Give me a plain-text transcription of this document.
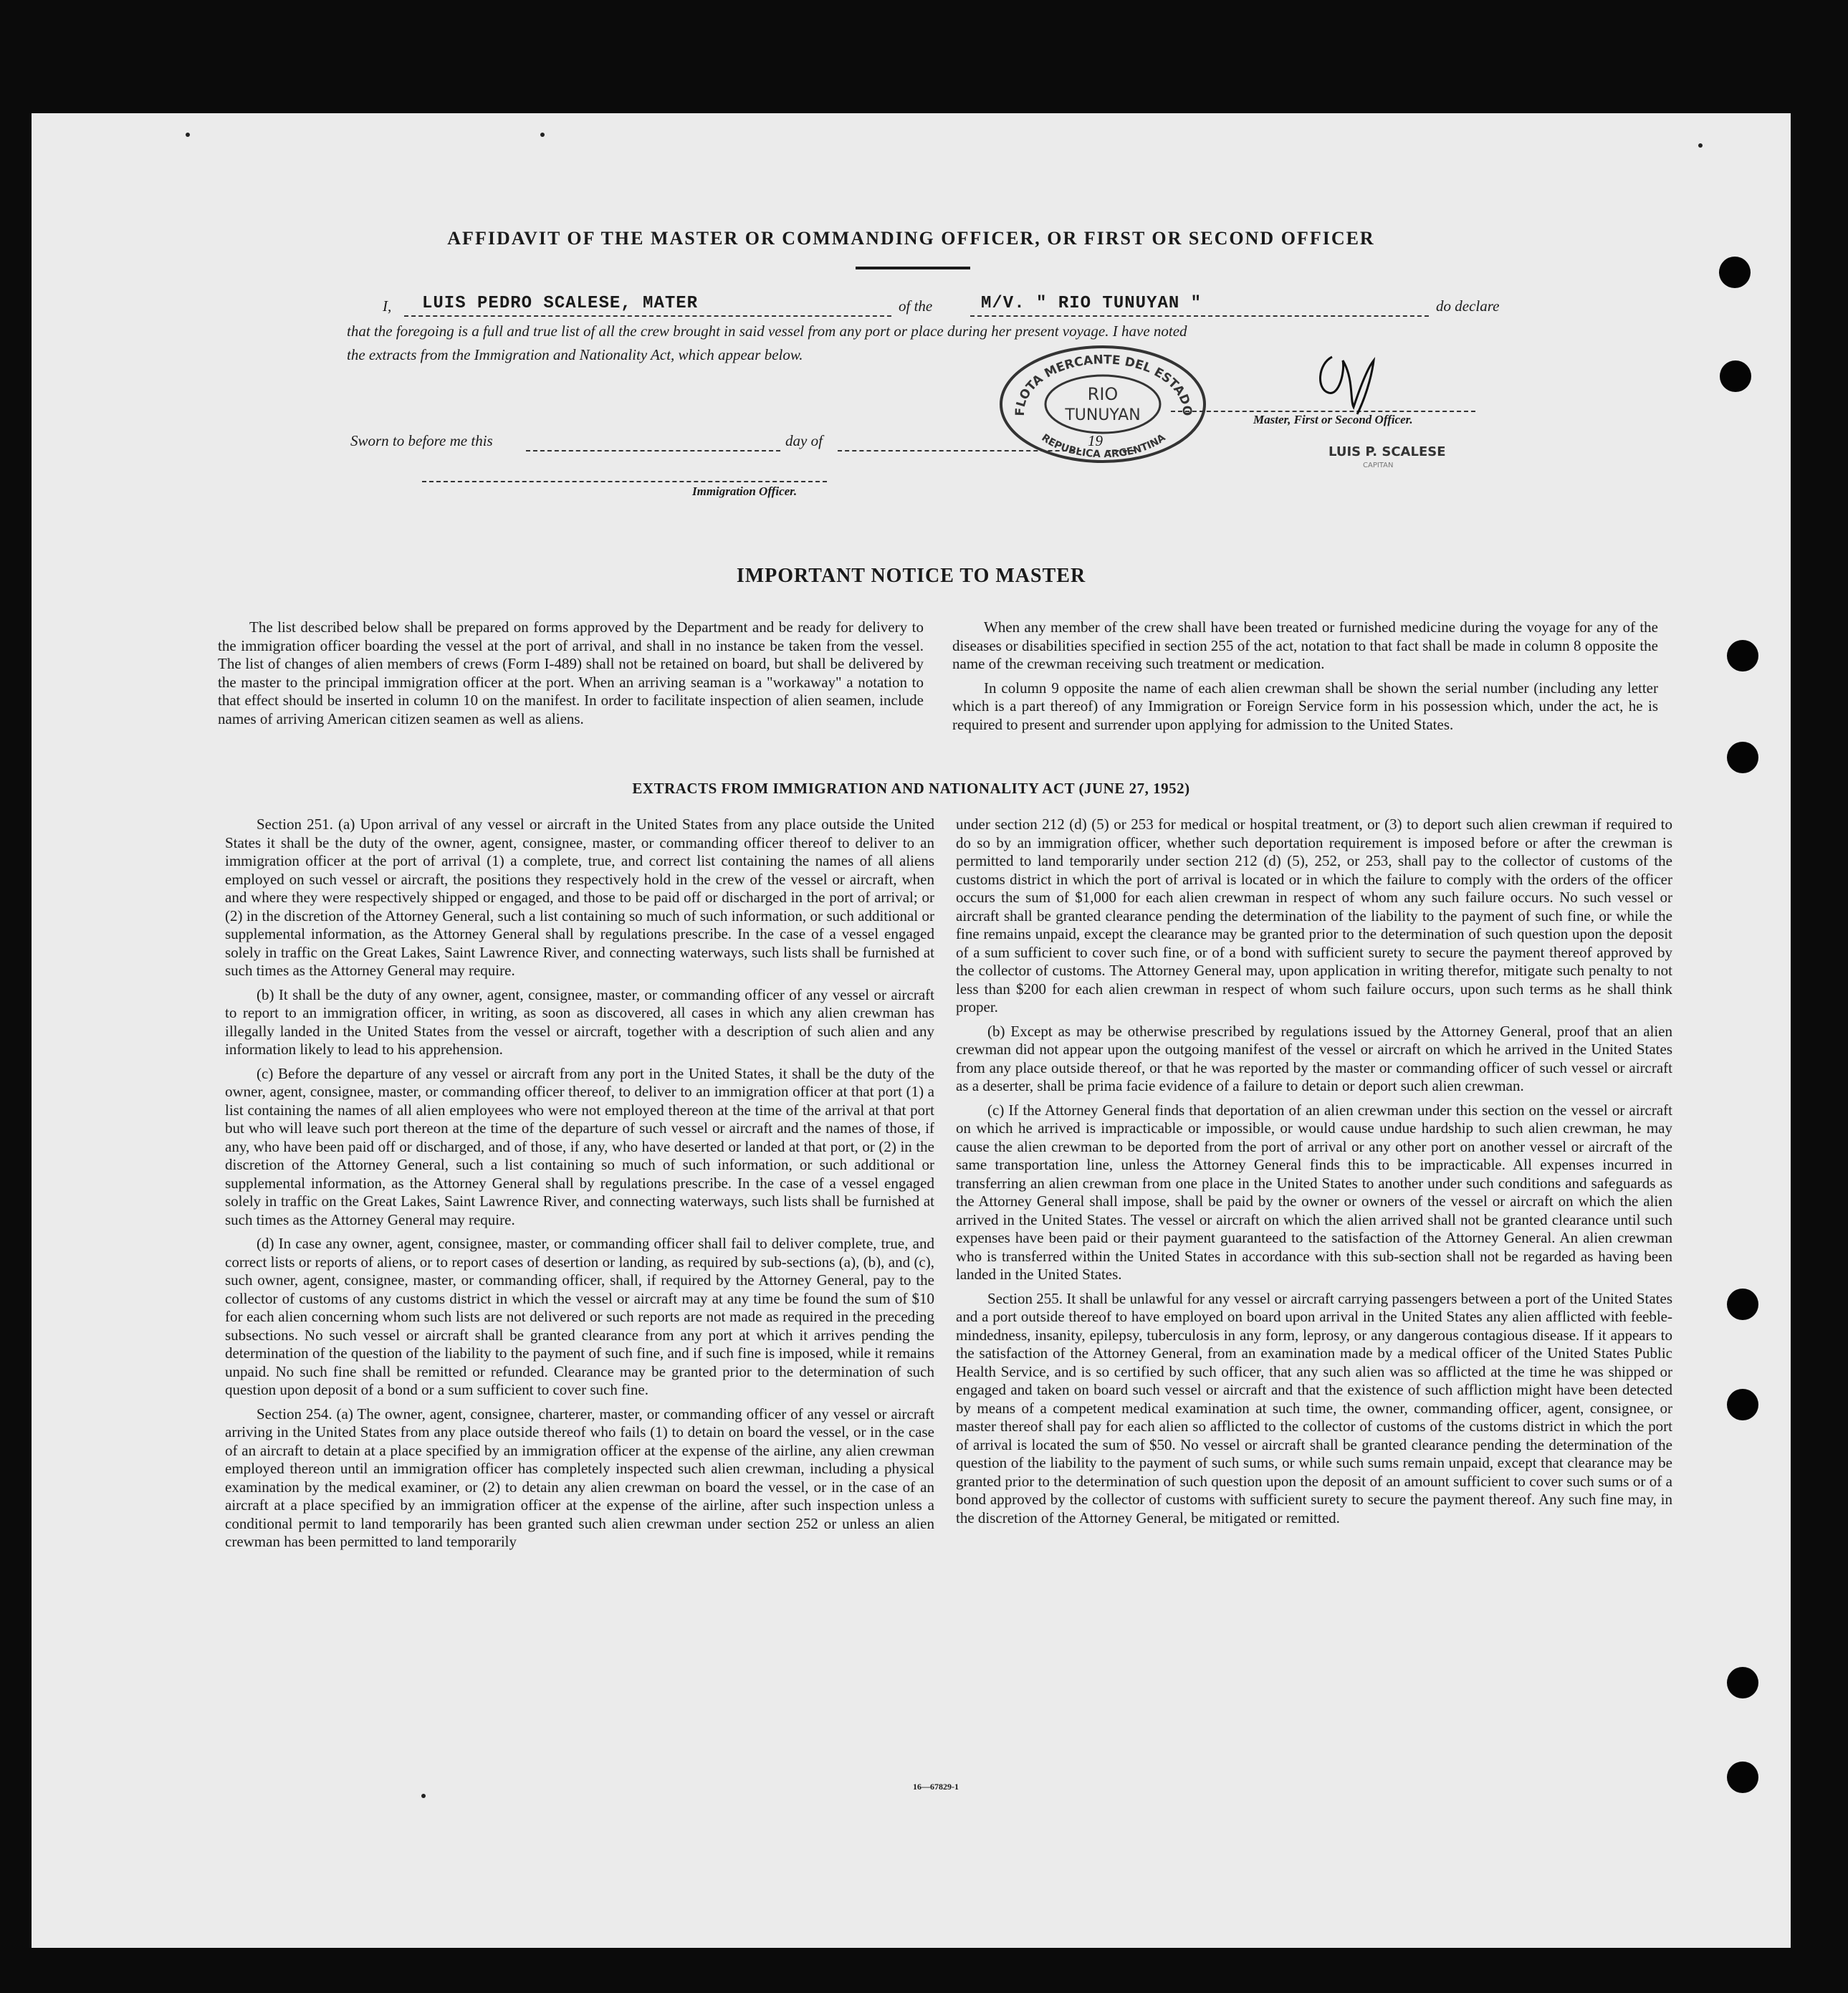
AFFIDAVIT OF THE MASTER OR COMMANDING OFFICER, OR FIRST OR SECOND OFFICER
I, LUIS PEDRO SCALESE, MATER	of the	M/V. " RIO TUNUYAN "	do declare
that the foregoing is a full and true list of all the crew brought in said vessel from any port or place during her present voyage. I have noted
the extracts from the Immigration and Nationality Act, which appear below.
Sworn to before me this	day of	19
Master, First or Second Officer.
Immigration Officer.
FLOTA MERCANTE DEL ESTADO
REPUBLICA ARGENTINA
RIO
TUNUYAN
LUIS P. SCALESE
CAPITAN
IMPORTANT NOTICE TO MASTER

The list described below shall be prepared on forms approved by the Department and be ready for delivery to the immigration officer boarding the vessel at the port of arrival, and shall in no instance be taken from the vessel. The list of changes of alien members of crews (Form I-489) shall not be retained on board, but shall be delivered by the master to the principal immigration officer at the port. When an arriving seaman is a "workaway" a notation to that effect should be inserted in column 10 on the manifest. In order to facilitate inspection of alien seamen, include names of arriving American citizen seamen as well as aliens.

When any member of the crew shall have been treated or furnished medicine during the voyage for any of the diseases or disabilities specified in section 255 of the act, notation to that fact shall be made in column 8 opposite the name of the crewman receiving such treatment or medication.

In column 9 opposite the name of each alien crewman shall be shown the serial number (including any letter which is a part thereof) of any Immigration or Foreign Service form in his possession which, under the act, he is required to present and surrender upon applying for admission to the United States.

EXTRACTS FROM IMMIGRATION AND NATIONALITY ACT (JUNE 27, 1952)

Section 251. (a) Upon arrival of any vessel or aircraft in the United States from any place outside the United States it shall be the duty of the owner, agent, consignee, master, or commanding officer thereof to deliver to an immigration officer at the port of arrival (1) a complete, true, and correct list containing the names of all aliens employed on such vessel or aircraft, the positions they respectively hold in the crew of the vessel or aircraft, when and where they were respectively shipped or engaged, and those to be paid off or discharged in the port of arrival; or (2) in the discretion of the Attorney General, such a list containing so much of such information, or such additional or supplemental information, as the Attorney General shall by regulations prescribe. In the case of a vessel engaged solely in traffic on the Great Lakes, Saint Lawrence River, and connecting waterways, such lists shall be furnished at such times as the Attorney General may require.

(b) It shall be the duty of any owner, agent, consignee, master, or commanding officer of any vessel or aircraft to report to an immigration officer, in writing, as soon as discovered, all cases in which any alien crewman has illegally landed in the United States from the vessel or aircraft, together with a description of such alien and any information likely to lead to his apprehension.

(c) Before the departure of any vessel or aircraft from any port in the United States, it shall be the duty of the owner, agent, consignee, master, or commanding officer thereof, to deliver to an immigration officer at that port (1) a list containing the names of all alien employees who were not employed thereon at the time of the arrival at that port but who will leave such port thereon at the time of the departure of such vessel or aircraft and the names of those, if any, who have been paid off or discharged, and of those, if any, who have deserted or landed at that port, or (2) in the discretion of the Attorney General, such a list containing so much of such information, or such additional or supplemental information, as the Attorney General shall by regulations prescribe. In the case of a vessel engaged solely in traffic on the Great Lakes, Saint Lawrence River, and connecting waterways, such lists shall be furnished at such times as the Attorney General may require.

(d) In case any owner, agent, consignee, master, or commanding officer shall fail to deliver complete, true, and correct lists or reports of aliens, or to report cases of desertion or landing, as required by sub-sections (a), (b), and (c), such owner, agent, consignee, master, or commanding officer, shall, if required by the Attorney General, pay to the collector of customs of any customs district in which the vessel or aircraft may at any time be found the sum of $10 for each alien concerning whom such lists are not delivered or such reports are not made as required in the preceding subsections. No such vessel or aircraft shall be granted clearance from any port at which it arrives pending the determination of the question of the liability to the payment of such fine, and if such fine is imposed, while it remains unpaid. No such fine shall be remitted or refunded. Clearance may be granted prior to the determination of such question upon deposit of a bond or a sum sufficient to cover such fine.

Section 254. (a) The owner, agent, consignee, charterer, master, or commanding officer of any vessel or aircraft arriving in the United States from any place outside thereof who fails (1) to detain on board the vessel, or in the case of an aircraft to detain at a place specified by an immigration officer at the expense of the airline, any alien crewman employed thereon until an immigration officer has completely inspected such alien crewman, including a physical examination by the medical examiner, or (2) to detain any alien crewman on board the vessel, or in the case of an aircraft at a place specified by an immigration officer at the expense of the airline, after such inspection unless a conditional permit to land temporarily has been granted such alien crewman under section 252 or unless an alien crewman has been permitted to land temporarily

under section 212 (d) (5) or 253 for medical or hospital treatment, or (3) to deport such alien crewman if required to do so by an immigration officer, whether such deportation requirement is imposed before or after the crewman is permitted to land temporarily under section 212 (d) (5), 252, or 253, shall pay to the collector of customs of the customs district in which the port of arrival is located or in which the failure to comply with the orders of the officer occurs the sum of $1,000 for each alien crewman in respect of whom any such failure occurs. No such vessel or aircraft shall be granted clearance pending the determination of the liability to the payment of such fine, or while the fine remains unpaid, except the clearance may be granted prior to the determination of such question upon the deposit of a sum sufficient to cover such fine, or of a bond with sufficient surety to secure the payment thereof approved by the collector of customs. The Attorney General may, upon application in writing therefor, mitigate such penalty to not less than $200 for each alien crewman in respect of whom such failure occurs, upon such terms as he shall think proper.

(b) Except as may be otherwise prescribed by regulations issued by the Attorney General, proof that an alien crewman did not appear upon the outgoing manifest of the vessel or aircraft on which he arrived in the United States from any place outside thereof, or that he was reported by the master or commanding officer of such vessel or aircraft as a deserter, shall be prima facie evidence of a failure to detain or deport such alien crewman.

(c) If the Attorney General finds that deportation of an alien crewman under this section on the vessel or aircraft on which he arrived is impracticable or impossible, or would cause undue hardship to such alien crewman, he may cause the alien crewman to be deported from the port of arrival or any other port on another vessel or aircraft of the same transportation line, unless the Attorney General finds this to be impracticable. All expenses incurred in transferring an alien crewman from one place in the United States to another under such conditions and safeguards as the Attorney General shall impose, shall be paid by the owner or owners of the vessel or aircraft on which the alien arrived in the United States. The vessel or aircraft on which the alien arrived shall not be granted clearance until such expenses have been paid or their payment guaranteed to the satisfaction of the Attorney General. An alien crewman who is transferred within the United States in accordance with this sub-section shall not be regarded as having been landed in the United States.

Section 255. It shall be unlawful for any vessel or aircraft carrying passengers between a port of the United States and a port outside thereof to have employed on board upon arrival in the United States any alien afflicted with feeble-mindedness, insanity, epilepsy, tuberculosis in any form, leprosy, or any dangerous contagious disease. If it appears to the satisfaction of the Attorney General, from an examination made by a medical officer of the United States Public Health Service, and is so certified by such officer, that any such alien was so afflicted at the time he was shipped or engaged and taken on board such vessel or aircraft and that the existence of such affliction might have been detected by means of a competent medical examination at such time, the owner, commanding officer, agent, consignee, or master thereof shall pay for each alien so afflicted to the collector of customs of the customs district in which the port of arrival is located the sum of $50. No vessel or aircraft shall be granted clearance pending the determination of the question of the liability to the payment of such sums, or while such sums remain unpaid, except that clearance may be granted prior to the determination of such question upon the deposit of an amount sufficient to cover such sums or of a bond approved by the collector of customs with sufficient surety to secure the payment thereof. Any such fine may, in the discretion of the Attorney General, be mitigated or remitted.

16—67829-1
